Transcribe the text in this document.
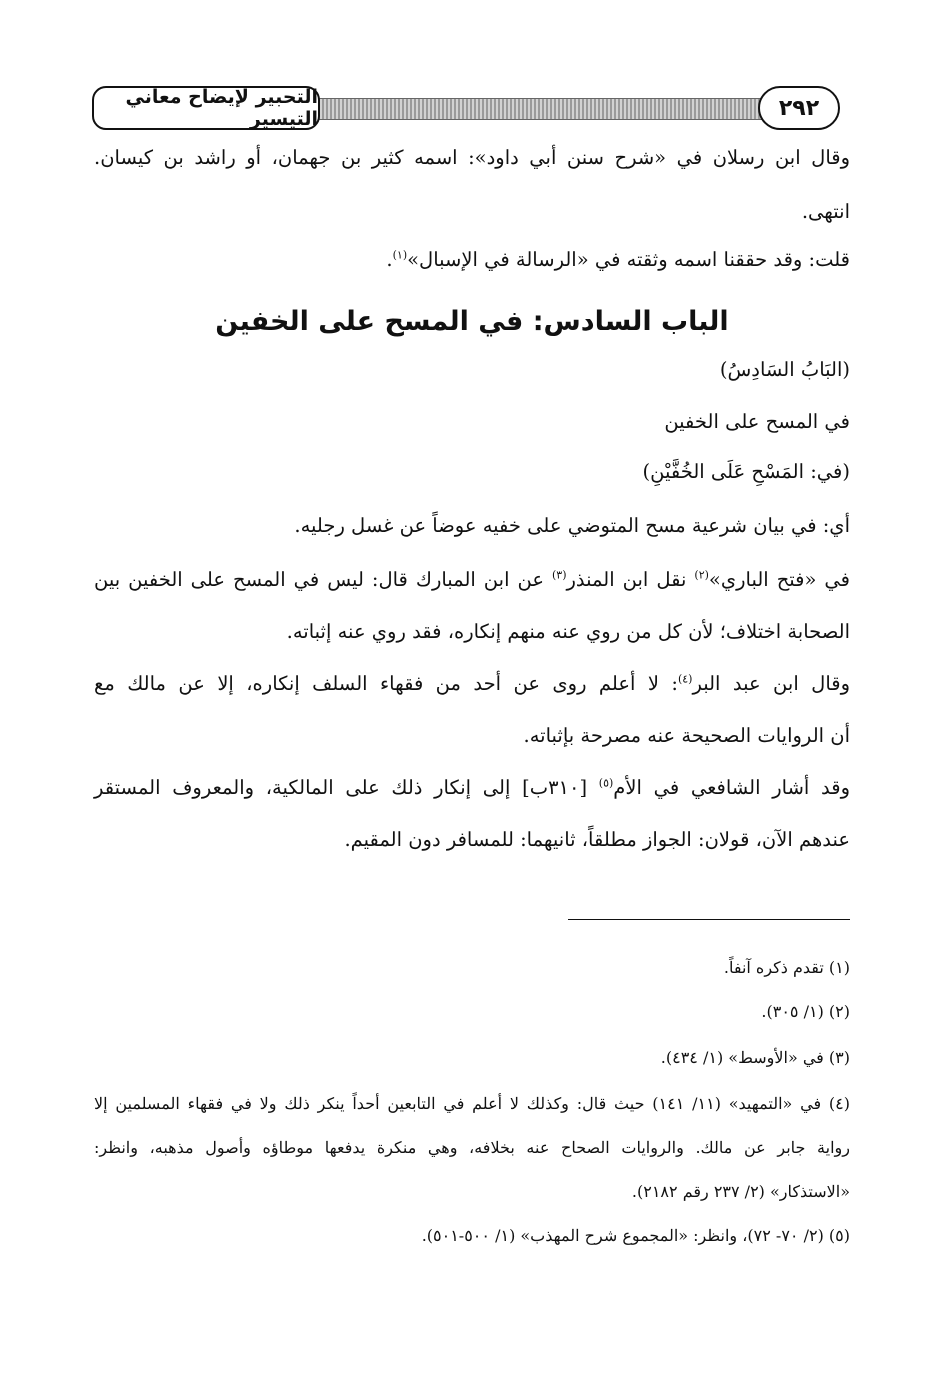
التحبير لإيضاح معاني التيسير	٢٩٢
وقال ابن رسلان في «شرح سنن أبي داود»: اسمه كثير بن جهمان، أو راشد بن كيسان.
انتهى.
قلت: وقد حققنا اسمه وثقته في «الرسالة في الإسبال»$^{(١)}$.
الباب السادس: في المسح على الخفين
(البَابُ السَادِسُ)
في المسح على الخفين
(في: المَسْحِ عَلَى الخُفَّيْنِ)
أي: في بيان شرعية مسح المتوضي على خفيه عوضاً عن غسل رجليه.
في «فتح الباري»$^{(٢)}$ نقل ابن المنذر$^{(٣)}$ عن ابن المبارك قال: ليس في المسح على الخفين بين
الصحابة اختلاف؛ لأن كل من روي عنه منهم إنكاره، فقد روي عنه إثباته.
وقال ابن عبد البر$^{(٤)}$: لا أعلم روى عن أحد من فقهاء السلف إنكاره، إلا عن مالك مع
أن الروايات الصحيحة عنه مصرحة بإثباته.
وقد أشار الشافعي في الأم$^{(٥)}$ [٣١٠ب] إلى إنكار ذلك على المالكية، والمعروف المستقر
عندهم الآن، قولان: الجواز مطلقاً، ثانيهما: للمسافر دون المقيم.
(١) تقدم ذكره آنفاً.
(٢) (١/ ٣٠٥).
(٣) في «الأوسط» (١/ ٤٣٤).
(٤) في «التمهيد» (١١/ ١٤١) حيث قال: وكذلك لا أعلم في التابعين أحداً ينكر ذلك ولا في فقهاء المسلمين إلا
رواية جابر عن مالك. والروايات الصحاح عنه بخلافه، وهي منكرة يدفعها موطاؤه وأصول مذهبه، وانظر:
«الاستذكار» (٢/ ٢٣٧ رقم ٢١٨٢).
(٥) (٢/ ٧٠- ٧٢)، وانظر: «المجموع شرح المهذب» (١/ ٥٠٠-٥٠١).
